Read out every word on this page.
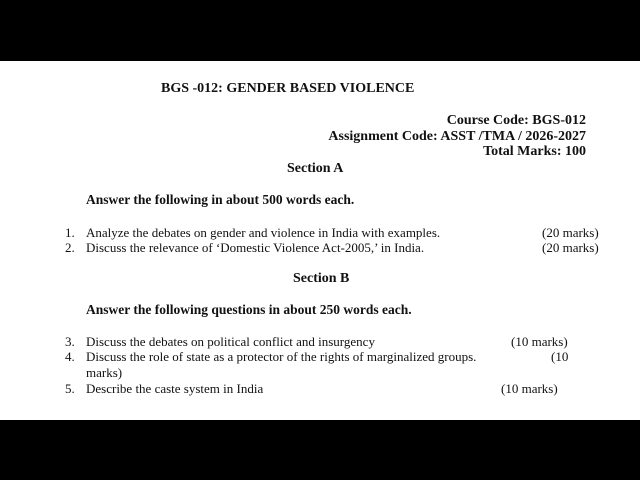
BGS -012: GENDER BASED VIOLENCE
Course Code: BGS-012
Assignment Code: ASST /TMA / 2026-2027
Total Marks: 100
Section A
Answer the following in about 500 words each.
1. Analyze the debates on gender and violence in India with examples.	(20 marks)
2. Discuss the relevance of ‘Domestic Violence Act-2005,’ in India.	(20 marks)
Section B
Answer the following questions in about 250 words each.
3. Discuss the debates on political conflict and insurgency	(10 marks)
4. Discuss the role of state as a protector of the rights of marginalized groups.	(10
marks)
5. Describe the caste system in India	(10 marks)
